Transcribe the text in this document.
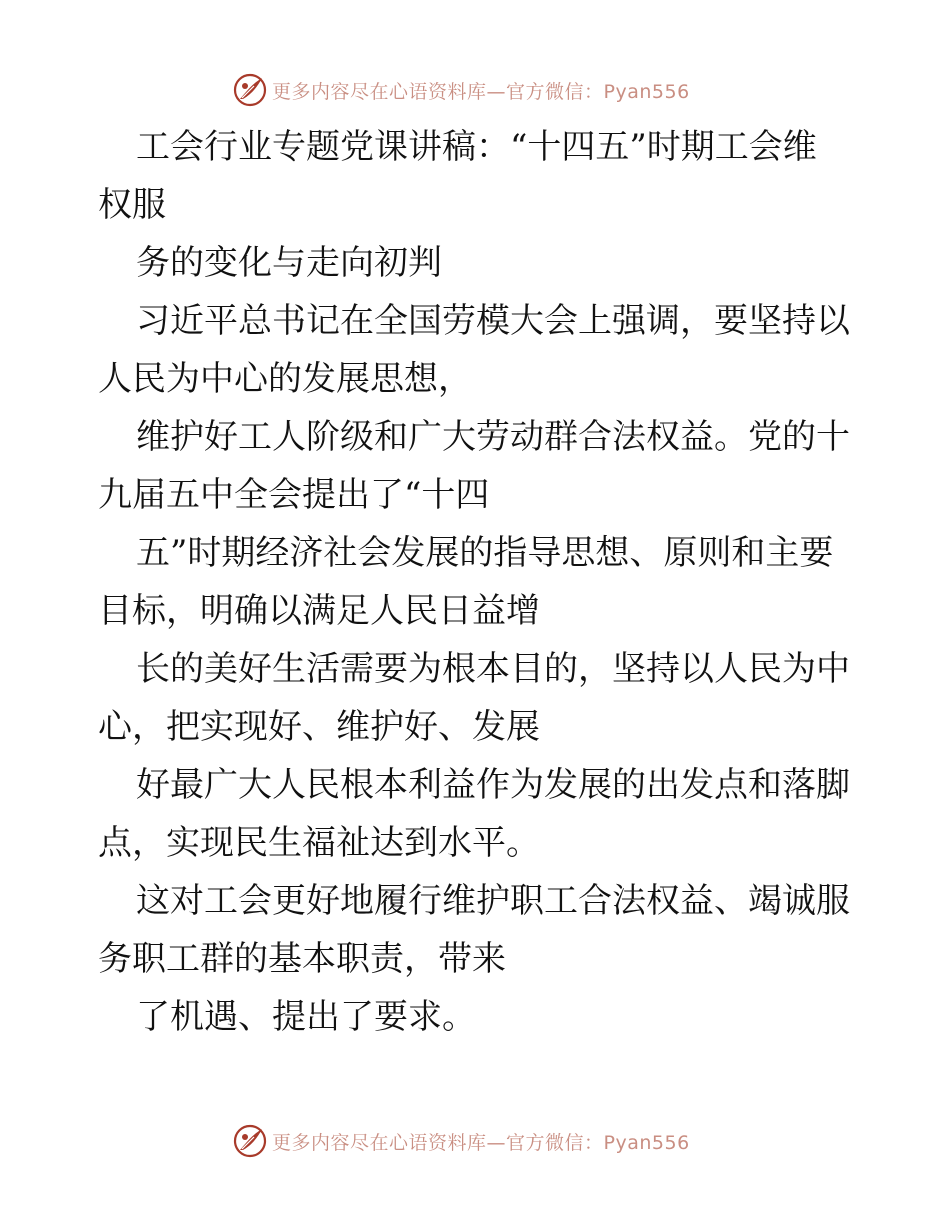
更多内容尽在心语资料库—官方微信：Pyan556
工会行业专题党课讲稿：“十四五”时期工会维
权服
务的变化与走向初判
习近平总书记在全国劳模大会上强调，要坚持以
人民为中心的发展思想，
维护好工人阶级和广大劳动群合法权益。党的十
九届五中全会提出了“十四
五”时期经济社会发展的指导思想、原则和主要
目标，明确以满足人民日益增
长的美好生活需要为根本目的，坚持以人民为中
心，把实现好、维护好、发展
好最广大人民根本利益作为发展的出发点和落脚
点，实现民生福祉达到水平。
这对工会更好地履行维护职工合法权益、竭诚服
务职工群的基本职责，带来
了机遇、提出了要求。
更多内容尽在心语资料库—官方微信：Pyan556
